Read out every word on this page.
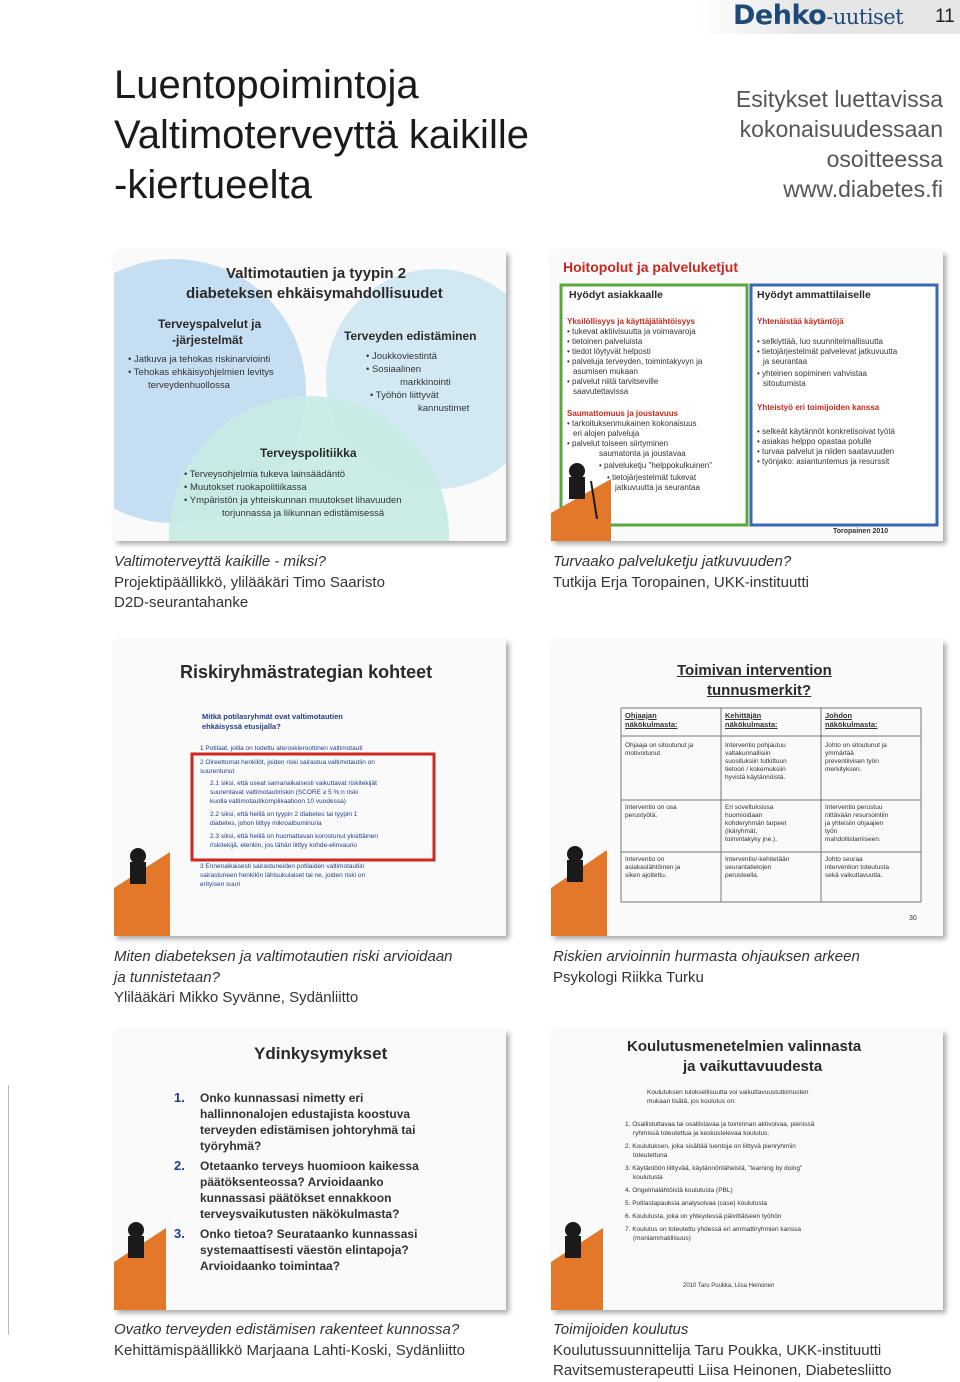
Dehko-uutiset 11
Luentopoimintoja
Valtimoterveyttä kaikille
-kiertueelta
Esitykset luettavissa
kokonaisuudessaan
osoitteessa
www.diabetes.fi
Valtimotautien ja tyypin 2
diabeteksen ehkäisymahdollisuudet
Terveyspalvelut ja
-järjestelmät
• Jatkuva ja tehokas riskinarviointi
• Tehokas ehkäisyohjelmien levitys
terveydenhuollossa
Terveyden edistäminen
• Joukkoviestintä
• Sosiaalinen
markkinointi
• Työhön liittyvät
kannustimet
Terveyspolitiikka
• Terveysohjelmia tukeva lainsäädäntö
• Muutokset ruokapolitiikassa
• Ympäristön ja yhteiskunnan muutokset lihavuuden
torjunnassa ja liikunnan edistämisessä
Hoitopolut ja palveluketjut
Hyödyt asiakkaalle	Hyödyt ammattilaiselle
Yksilöllisyys ja käyttäjälähtöisyys
• tukevat aktiivisuutta ja voimavaroja
• tietoinen palveluista
• tiedot löytyvät helposti
• palveluja terveyden, toimintakyvyn ja
asumisen mukaan
• palvelut niitä tarvitseville
saavutettavissa
Saumattomuus ja joustavuus
• tarkoituksenmukainen kokonaisuus
eri alojen palveluja
• palvelut toiseen siirtyminen
saumatonta ja joustavaa
• palveluketju "helppokulkuinen"
• tietojärjestelmät tukevat
jatkuvuutta ja seurantaa
Yhtenäistää käytäntöjä
• selkiyttää, luo suunnitelmallisuutta
• tietojärjestelmät palvelevat jatkuvuutta
ja seurantaa
• yhteinen sopiminen vahvistaa
sitoutumista
Yhteistyö eri toimijoiden kanssa
• selkeät käytännöt konkretisoivat työtä
• asiakas helppo opastaa polulle
• turvaa palvelut ja niiden saatavuuden
• työnjako: asiantuntemus ja resurssit
Toropainen 2010
Riskiryhmästrategian kohteet
Mitkä potilasryhmät ovat valtimotautien
ehkäisyssä etusijalla?
1 Potilaat, joilla on todettu ateroskleroottinen valtimotauti
2 Oireettomat henkilöt, joiden riski sairastua valtimotautiin on
suurentunut
2.1 siksi, että useat samanaikaisesti vaikuttavat riskitekijät
suurentavat valtimotautiriskin (SCORE ≥ 5 %:n riski
kuolla valtimotautikomplikaatioon 10 vuodessa)
2.2 siksi, että heillä on tyypin 2 diabetes tai tyypin 1
diabetes, johon liittyy mikroalbuminuria
2.3 siksi, että heillä on huomattavan korostunut yksittäinen
riskitekijä, etenkin, jos tähän liittyy kohde-elinvaurio
3 Ennenaikaisesti sairastuneiden potilaiden valtimotautiin
sairastuneen henkilön lähisukulaiset tai ne, joiden riski on
erityisen suuri
Toimivan intervention
tunnusmerkit?
Ohjaajan
näkökulmasta:
Kehittäjän
näkökulmasta:
Johdon
näkökulmasta:
Ohjaaja on sitoutunut ja
motivoitunut.
Interventio on osa
perustyötä.
Interventio on
asiakaslähtöinen ja
siken ajoitettu.
Interventio pohjautuu
valtakunnallisiin
suosituksiin tutkittuun
tietoon / kokemuksiin
hyvistä käytännöistä.
Eri soveltuksissa
huomioidaan
kohderyhmän tarpeet
(ikäryhmät,
toimintakyky jne.).
Interventio/-kehitetään
seurantatietojen
perusteella.
Johto on sitoutunut ja
ymmärtää
preventiivisen työn
merkityksen.
Interventio perustuu
riittävään resursointiin
ja yhteisiin ohjaajien
työn
mahdollistamiseen.
Johto seuraa
intervention toteutusta
sekä vaikuttavuutta.
30
Ydinkysymykset
1. Onko kunnassasi nimetty eri
hallinnonalojen edustajista koostuva
terveyden edistämisen johtoryhmä tai
työryhmä?
2. Otetaanko terveys huomioon kaikessa
päätöksenteossa? Arvioidaanko
kunnassasi päätökset ennakkoon
terveysvaikutusten näkökulmasta?
3. Onko tietoa? Seurataanko kunnassasi
systemaattisesti väestön elintapoja?
Arvioidaanko toimintaa?
Koulutusmenetelmien valinnasta
ja vaikuttavuudesta
Koulutuksen tuloksellisuutta voi vaikuttavuustutkimusten
mukaan lisätä, jos koulutus on:
1. Osallistuttavaa tai osallistavaa ja toiminnan aktivoivaa, pienissä
ryhmissä toteutettua ja keskustelevaa koulutus.
2. Koulutuksen, joka sisältää luentoja on liittyvä pienryhmiin
toteutettuna
3. Käytäntöön liittyvää, käytännönläheistä, "learning by doing"
koulutusta
4. Ongelmalähtöistä koulutusta (PBL)
5. Potilastapauksia analysoivaa (case) koulutusta
6. Koulutusta, joka on yhteydessä päivittäiseen työhön
7. Koulutus on toteutettu yhdessä eri ammattiryhmien kanssa
(moniammatillisuus)
2010 Taru Poukka, Liisa Heinonen
Valtimoterveyttä kaikille - miksi?
Projektipäällikkö, ylilääkäri Timo Saaristo
D2D-seurantahanke
Turvaako palveluketju jatkuvuuden?
Tutkija Erja Toropainen, UKK-instituutti
Miten diabeteksen ja valtimotautien riski arvioidaan
ja tunnistetaan?
Ylilääkäri Mikko Syvänne, Sydänliitto
Riskien arvioinnin hurmasta ohjauksen arkeen
Psykologi Riikka Turku
Ovatko terveyden edistämisen rakenteet kunnossa?
Kehittämispäällikkö Marjaana Lahti-Koski, Sydänliitto
Toimijoiden koulutus
Koulutussuunnittelija Taru Poukka, UKK-instituutti
Ravitsemusterapeutti Liisa Heinonen, Diabetesliitto
